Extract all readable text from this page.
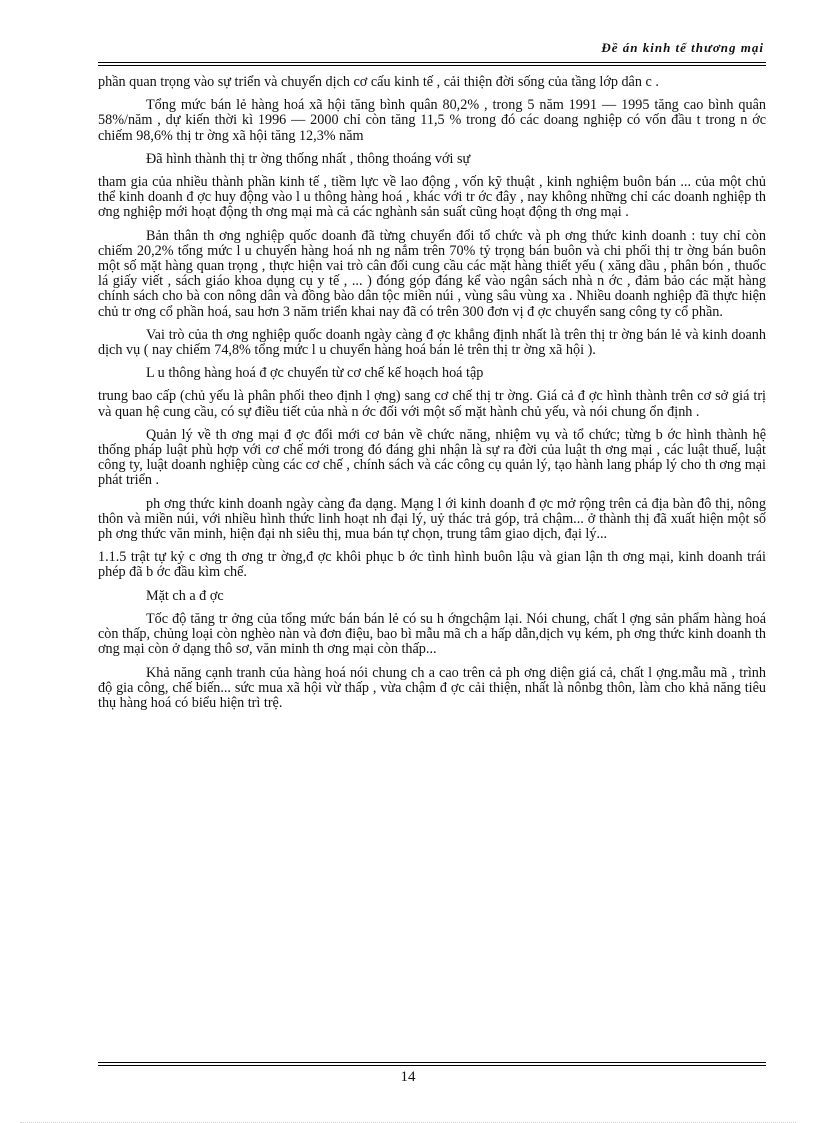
Đề án kinh tế thương mại

phần quan trọng vào sự triển và chuyển dịch cơ cấu kinh tế , cải thiện đời sống của tầng lớp dân c .

Tổng mức bán lẻ hàng hoá xã hội tăng bình quân 80,2% , trong 5 năm 1991 — 1995 tăng cao bình quân 58%/năm , dự kiến thời kì 1996 — 2000 chỉ còn tăng 11,5 % trong đó các doang nghiệp có vốn đầu t trong n ớc chiếm 98,6% thị tr ờng xã hội tăng 12,3% năm

Đã hình thành thị tr ờng thống nhất , thông thoáng với sự

tham gia của nhiều thành phần kinh tế , tiềm lực về lao động , vốn kỹ thuật , kinh nghiệm buôn bán ... của một chủ thể kinh doanh đ ợc huy động vào l u thông hàng hoá , khác với tr ớc đây , nay không những chỉ các doanh nghiệp th ơng nghiệp mới hoạt động th ơng mại mà cả các nghành sản suất cũng hoạt động th ơng mại .

Bản thân th ơng nghiệp quốc doanh đã từng chuyển đổi tổ chức và ph ơng thức kinh doanh : tuy chỉ còn chiếm 20,2% tổng mức l u chuyển hàng hoá nh ng nắm trên 70% tỷ trọng bán buôn và chi phối thị tr ờng bán buôn một số mặt hàng quan trọng , thực hiện vai trò cân đối cung cầu các mặt hàng thiết yếu ( xăng dầu , phân bón , thuốc lá giấy viết , sách giáo khoa dụng cụ y tế , ... ) đóng góp đáng kể vào ngân sách nhà n ớc , đảm bảo các mặt hàng chính sách cho bà con nông dân và đồng bào dân tộc miền núi , vùng sâu vùng xa . Nhiều doanh nghiệp đã thực hiện chủ tr ơng cổ phần hoá, sau hơn 3 năm triển khai nay đã có trên 300 đơn vị đ ợc chuyển sang công ty cổ phần.

Vai trò của th ơng nghiệp quốc doanh ngày càng đ ợc khẳng định nhất là trên thị tr ờng bán lẻ và kinh doanh dịch vụ ( nay chiếm 74,8% tổng mức l u chuyển hàng hoá bán lẻ trên thị tr ờng xã hội ).

L u thông hàng hoá đ ợc chuyển từ cơ chế kế hoạch hoá tập

trung bao cấp (chủ yếu là phân phối theo định l ợng) sang cơ chế thị tr ờng. Giá cả đ ợc hình thành trên cơ sở giá trị và quan hệ cung cầu, có sự điều tiết của nhà n ớc đối với một số mặt hành chủ yếu, và nói chung ổn định .

Quản lý về th ơng mại đ ợc đổi mới cơ bản về chức năng, nhiệm vụ và tổ chức; từng b ớc hình thành hệ thống pháp luật phù hợp với cơ chế mới trong đó đáng ghi nhận là sự ra đời của luật th ơng mại , các luật thuế, luật công ty, luật doanh nghiệp cùng các cơ chế , chính sách và các công cụ quản lý, tạo hành lang pháp lý cho th ơng mại phát triển .

ph ơng thức kinh doanh ngày càng đa dạng. Mạng l ới kinh doanh đ ợc mở rộng trên cả địa bàn đô thị, nông thôn và miền núi, với nhiều hình thức linh hoạt nh đại lý, uỷ thác trả góp, trả chậm... ở thành thị đã xuất hiện một số ph ơng thức văn minh, hiện đại nh siêu thị, mua bán tự chọn, trung tâm giao dịch, đại lý...

1.1.5 trật tự kỷ c ơng th ơng tr ờng,đ ợc khôi phục b ớc tình hình buôn lậu và gian lận th ơng mại, kinh doanh trái phép đã b ớc đầu kìm chế.

Mặt ch a đ ợc

Tốc độ tăng tr ởng của tổng mức bán bán lẻ có su h ớngchậm lại. Nói chung, chất l ợng sản phẩm hàng hoá còn thấp, chủng loại còn nghèo nàn và đơn điệu, bao bì mẫu mã ch a hấp dẫn,dịch vụ kém, ph ơng thức kinh doanh th ơng mại còn ở dạng thô sơ, văn minh th ơng mại còn thấp...

Khả năng cạnh tranh của hàng hoá nói chung ch a cao trên cả ph ơng diện giá cả, chất l ợng.mẫu mã , trình độ gia công, chế biến... sức mua xã hội vừ thấp , vừa chậm đ ợc cải thiện, nhất là nônbg thôn, làm cho khả năng tiêu thụ hàng hoá có biểu hiện trì trệ.

14
